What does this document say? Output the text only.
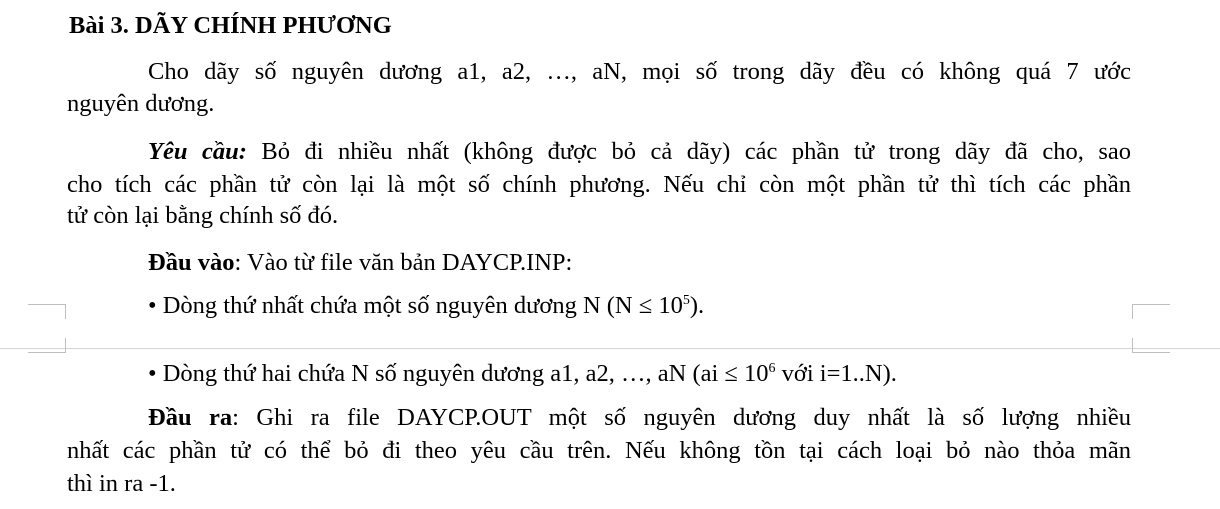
Bài 3. DÃY CHÍNH PHƯƠNG
Cho dãy số nguyên dương a1, a2, …, aN, mọi số trong dãy đều có không quá 7 ước
nguyên dương.
Yêu cầu: Bỏ đi nhiều nhất (không được bỏ cả dãy) các phần tử trong dãy đã cho, sao
cho tích các phần tử còn lại là một số chính phương. Nếu chỉ còn một phần tử thì tích các phần
tử còn lại bằng chính số đó.
Đầu vào: Vào từ file văn bản DAYCP.INP:
• Dòng thứ nhất chứa một số nguyên dương N $(N \le 10^5)$.
• Dòng thứ hai chứa N số nguyên dương a1, a2, …, aN ($ai \le 10^6$ với i=1..N).
Đầu ra: Ghi ra file DAYCP.OUT một số nguyên dương duy nhất là số lượng nhiều
nhất các phần tử có thể bỏ đi theo yêu cầu trên. Nếu không tồn tại cách loại bỏ nào thỏa mãn
thì in ra -1.
